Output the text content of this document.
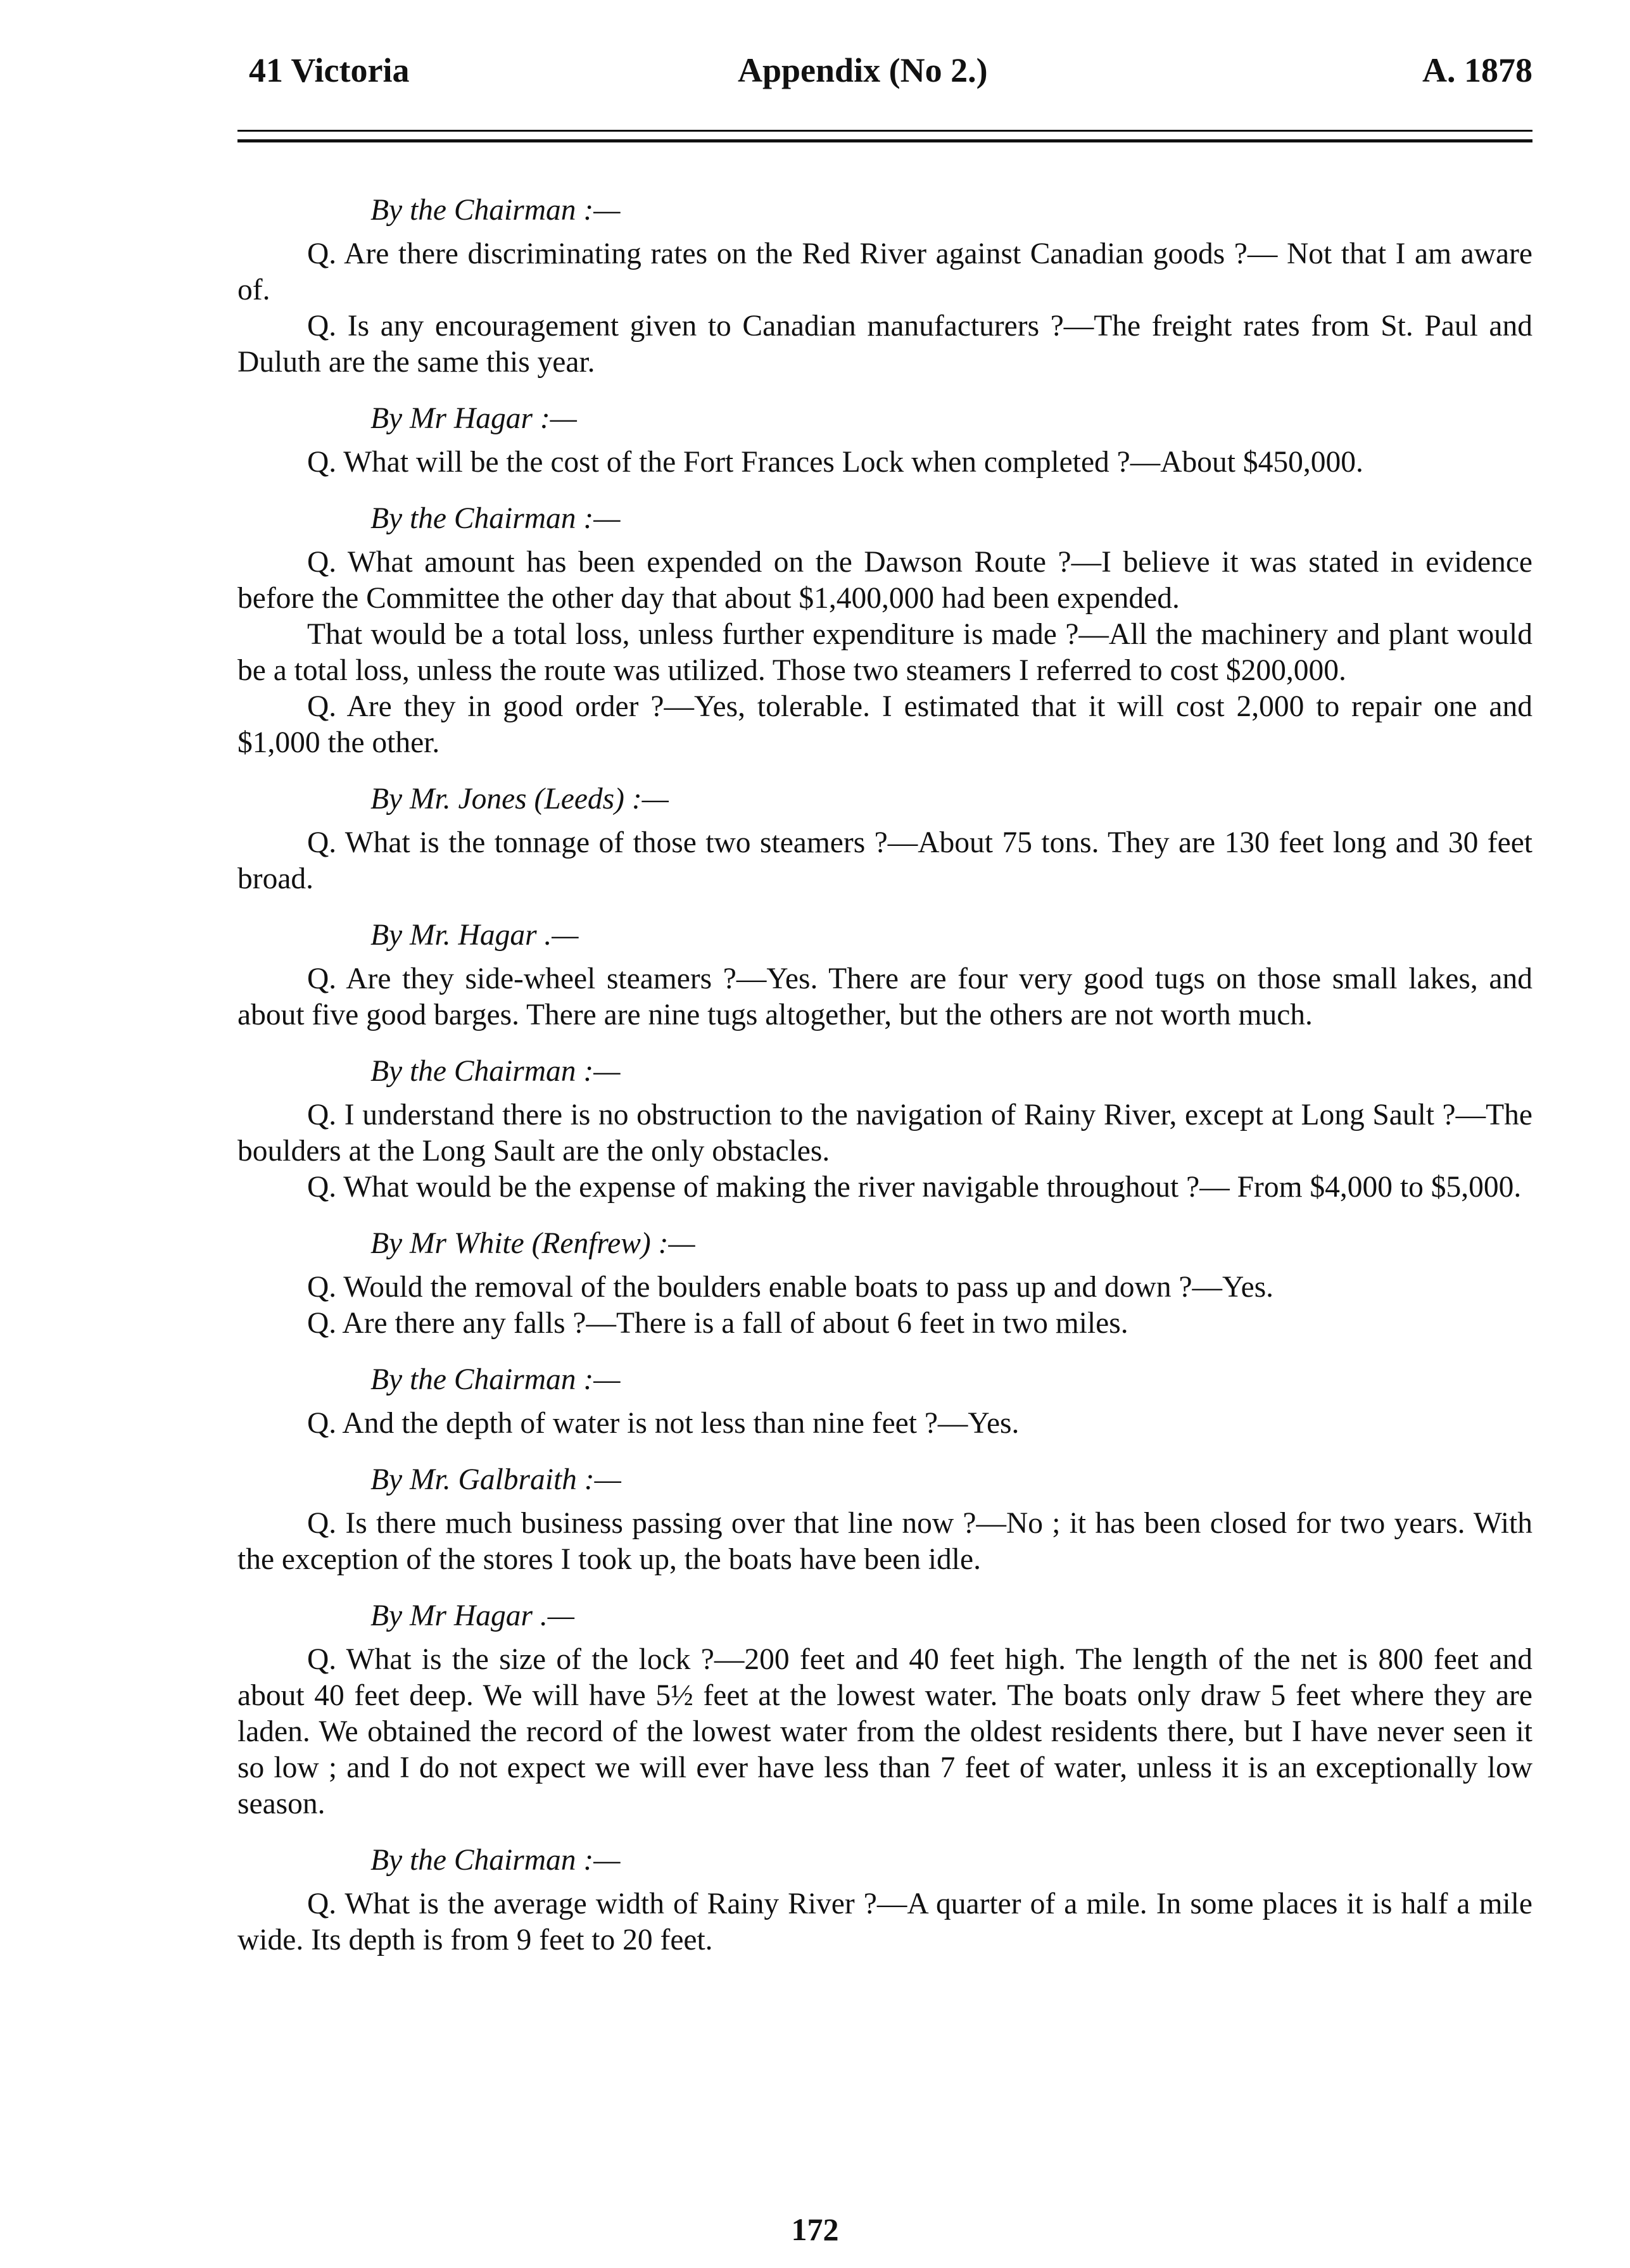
41 Victoria	Appendix (No 2.)	A. 1878
By the Chairman :—

Q. Are there discriminating rates on the Red River against Canadian goods ?— Not that I am aware of.

Q. Is any encouragement given to Canadian manufacturers ?—The freight rates from St. Paul and Duluth are the same this year.

By Mr Hagar :—

Q. What will be the cost of the Fort Frances Lock when completed ?—About $450,000.

By the Chairman :—

Q. What amount has been expended on the Dawson Route ?—I believe it was stated in evidence before the Committee the other day that about $1,400,000 had been expended.

That would be a total loss, unless further expenditure is made ?—All the machinery and plant would be a total loss, unless the route was utilized. Those two steamers I referred to cost $200,000.

Q. Are they in good order ?—Yes, tolerable. I estimated that it will cost 2,000 to repair one and $1,000 the other.

By Mr. Jones (Leeds) :—

Q. What is the tonnage of those two steamers ?—About 75 tons. They are 130 feet long and 30 feet broad.

By Mr. Hagar .—

Q. Are they side-wheel steamers ?—Yes. There are four very good tugs on those small lakes, and about five good barges. There are nine tugs altogether, but the others are not worth much.

By the Chairman :—

Q. I understand there is no obstruction to the navigation of Rainy River, except at Long Sault ?—The boulders at the Long Sault are the only obstacles.

Q. What would be the expense of making the river navigable throughout ?— From $4,000 to $5,000.

By Mr White (Renfrew) :—

Q. Would the removal of the boulders enable boats to pass up and down ?—Yes.

Q. Are there any falls ?—There is a fall of about 6 feet in two miles.

By the Chairman :—

Q. And the depth of water is not less than nine feet ?—Yes.

By Mr. Galbraith :—

Q. Is there much business passing over that line now ?—No ; it has been closed for two years. With the exception of the stores I took up, the boats have been idle.

By Mr Hagar .—

Q. What is the size of the lock ?—200 feet and 40 feet high. The length of the net is 800 feet and about 40 feet deep. We will have 5½ feet at the lowest water. The boats only draw 5 feet where they are laden. We obtained the record of the lowest water from the oldest residents there, but I have never seen it so low ; and I do not expect we will ever have less than 7 feet of water, unless it is an exceptionally low season.

By the Chairman :—

Q. What is the average width of Rainy River ?—A quarter of a mile. In some places it is half a mile wide. Its depth is from 9 feet to 20 feet.

172
